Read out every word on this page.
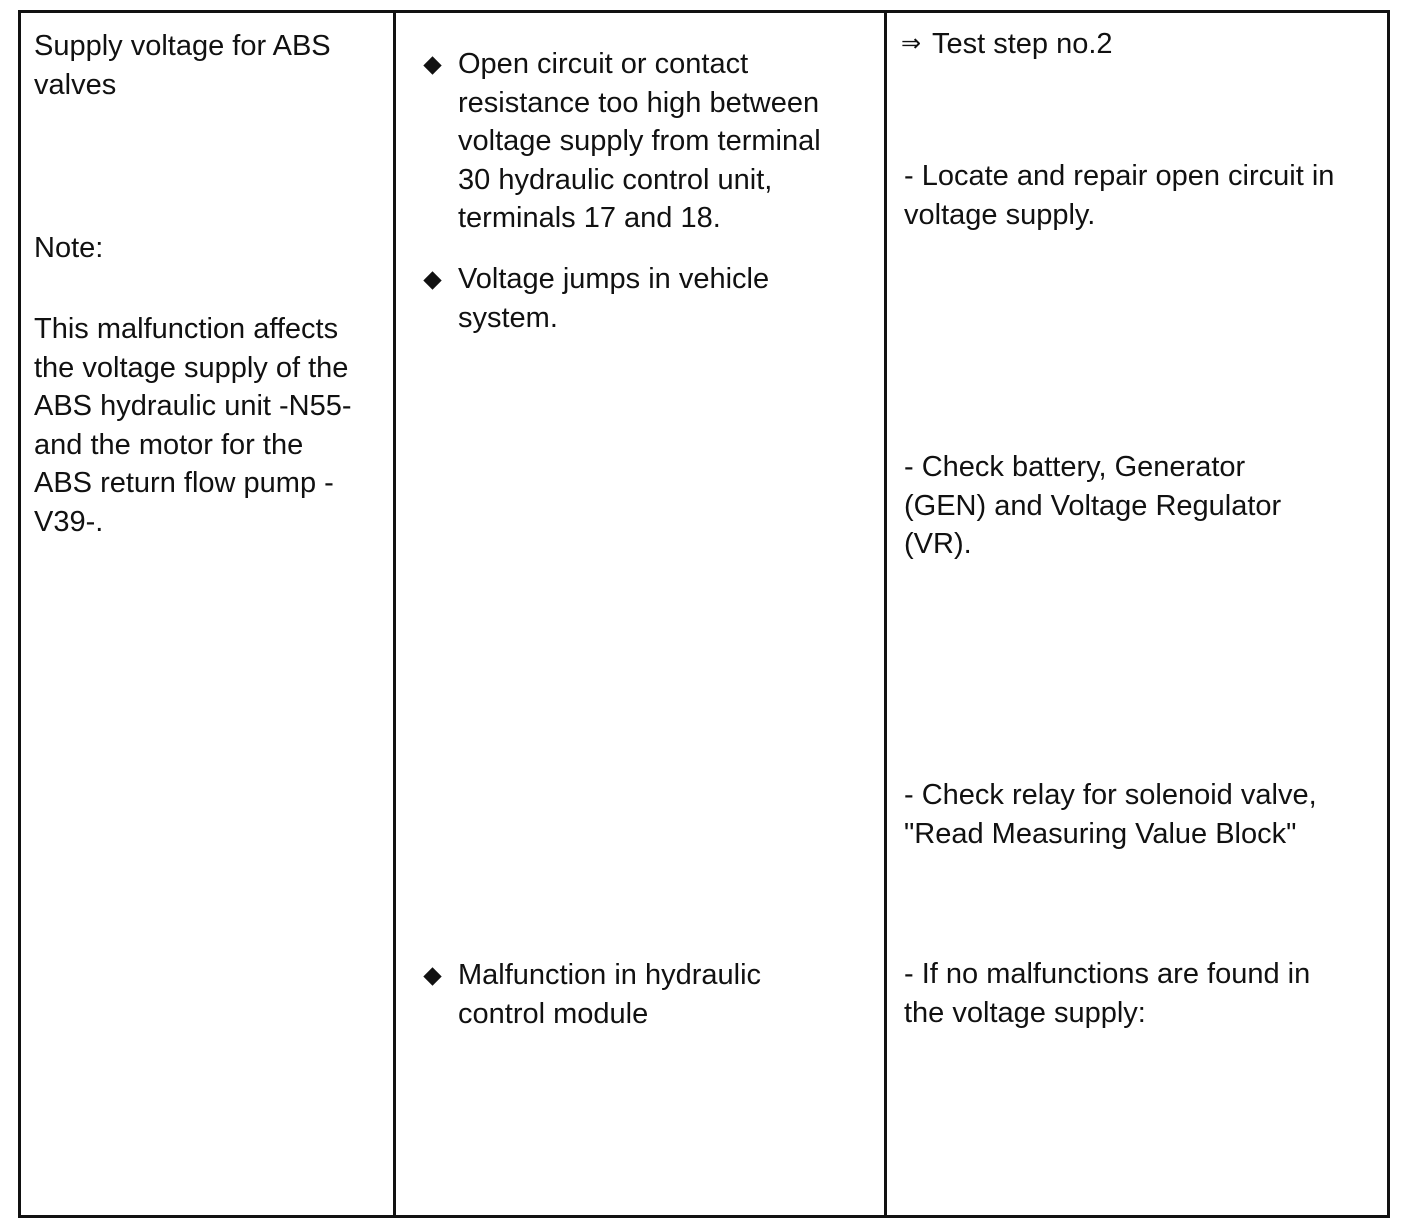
Supply voltage for ABS
valves
Note:
This malfunction affects
the voltage supply of the
ABS hydraulic unit -N55-
and the motor for the
ABS return flow pump -
V39-.
Open circuit or contact
resistance too high between
voltage supply from terminal
30 hydraulic control unit,
terminals 17 and 18.
Voltage jumps in vehicle
system.
Malfunction in hydraulic
control module
⇒ Test step no.2
- Locate and repair open circuit in
voltage supply.
- Check battery, Generator
(GEN) and Voltage Regulator
(VR).
- Check relay for solenoid valve,
"Read Measuring Value Block"
- If no malfunctions are found in
the voltage supply:
